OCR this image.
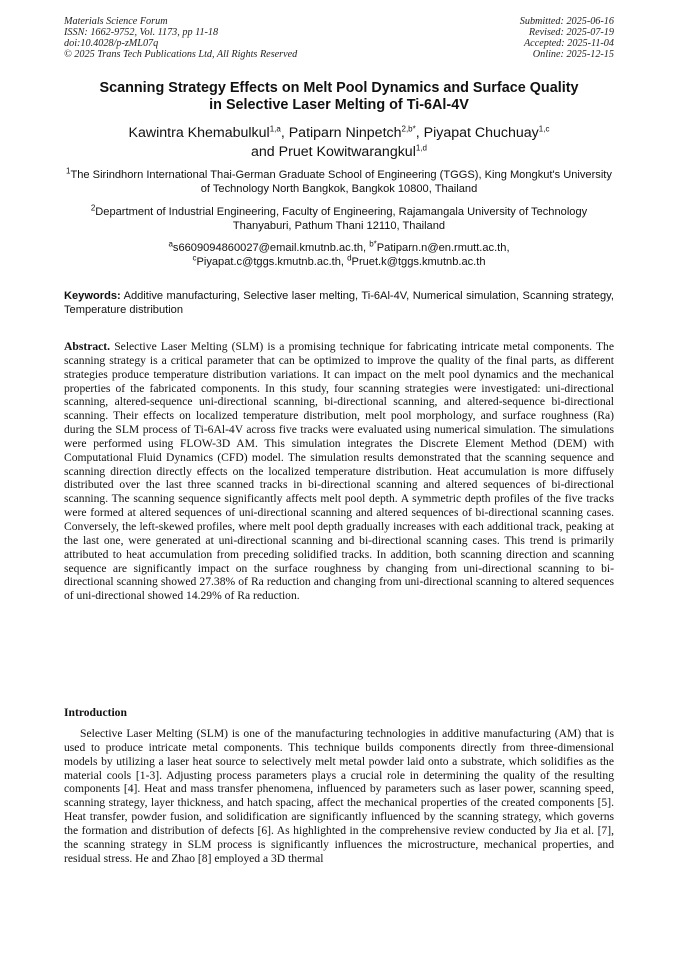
Materials Science Forum
ISSN: 1662-9752, Vol. 1173, pp 11-18
doi:10.4028/p-zML07q
© 2025 Trans Tech Publications Ltd, All Rights Reserved
Submitted: 2025-06-16
Revised: 2025-07-19
Accepted: 2025-11-04
Online: 2025-12-15
Scanning Strategy Effects on Melt Pool Dynamics and Surface Quality
in Selective Laser Melting of Ti-6Al-4V
Kawintra Khemabulkul$^{1,a}$, Patiparn Ninpetch$^{2,b*}$, Piyapat Chuchuay$^{1,c}$
and Pruet Kowitwarangkul$^{1,d}$
$^1$The Sirindhorn International Thai-German Graduate School of Engineering (TGGS), King Mongkut's University of Technology North Bangkok, Bangkok 10800, Thailand
$^2$Department of Industrial Engineering, Faculty of Engineering, Rajamangala University of Technology Thanyaburi, Pathum Thani 12110, Thailand
$^a$s6609094860027@email.kmutnb.ac.th, $^{b*}$Patiparn.n@en.rmutt.ac.th,
$^c$Piyapat.c@tggs.kmutnb.ac.th, $^d$Pruet.k@tggs.kmutnb.ac.th
Keywords: Additive manufacturing, Selective laser melting, Ti-6Al-4V, Numerical simulation, Scanning strategy, Temperature distribution
Abstract. Selective Laser Melting (SLM) is a promising technique for fabricating intricate metal components. The scanning strategy is a critical parameter that can be optimized to improve the quality of the final parts, as different strategies produce temperature distribution variations. It can impact on the melt pool dynamics and the mechanical properties of the fabricated components. In this study, four scanning strategies were investigated: uni-directional scanning, altered-sequence uni-directional scanning, bi-directional scanning, and altered-sequence bi-directional scanning. Their effects on localized temperature distribution, melt pool morphology, and surface roughness (Ra) during the SLM process of Ti-6Al-4V across five tracks were evaluated using numerical simulation. The simulations were performed using FLOW-3D AM. This simulation integrates the Discrete Element Method (DEM) with Computational Fluid Dynamics (CFD) model. The simulation results demonstrated that the scanning sequence and scanning direction directly effects on the localized temperature distribution. Heat accumulation is more diffusely distributed over the last three scanned tracks in bi-directional scanning and altered sequences of bi-directional scanning. The scanning sequence significantly affects melt pool depth. A symmetric depth profiles of the five tracks were formed at altered sequences of uni-directional scanning and altered sequences of bi-directional scanning cases. Conversely, the left-skewed profiles, where melt pool depth gradually increases with each additional track, peaking at the last one, were generated at uni-directional scanning and bi-directional scanning cases. This trend is primarily attributed to heat accumulation from preceding solidified tracks. In addition, both scanning direction and scanning sequence are significantly impact on the surface roughness by changing from uni-directional scanning to bi-directional scanning showed 27.38% of Ra reduction and changing from uni-directional scanning to altered sequences of uni-directional showed 14.29% of Ra reduction.
Introduction
Selective Laser Melting (SLM) is one of the manufacturing technologies in additive manufacturing (AM) that is used to produce intricate metal components. This technique builds components directly from three-dimensional models by utilizing a laser heat source to selectively melt metal powder laid onto a substrate, which solidifies as the material cools [1-3]. Adjusting process parameters plays a crucial role in determining the quality of the resulting components [4]. Heat and mass transfer phenomena, influenced by parameters such as laser power, scanning speed, scanning strategy, layer thickness, and hatch spacing, affect the mechanical properties of the created components [5]. Heat transfer, powder fusion, and solidification are significantly influenced by the scanning strategy, which governs the formation and distribution of defects [6]. As highlighted in the comprehensive review conducted by Jia et al. [7], the scanning strategy in SLM process is significantly influences the microstructure, mechanical properties, and residual stress. He and Zhao [8] employed a 3D thermal
